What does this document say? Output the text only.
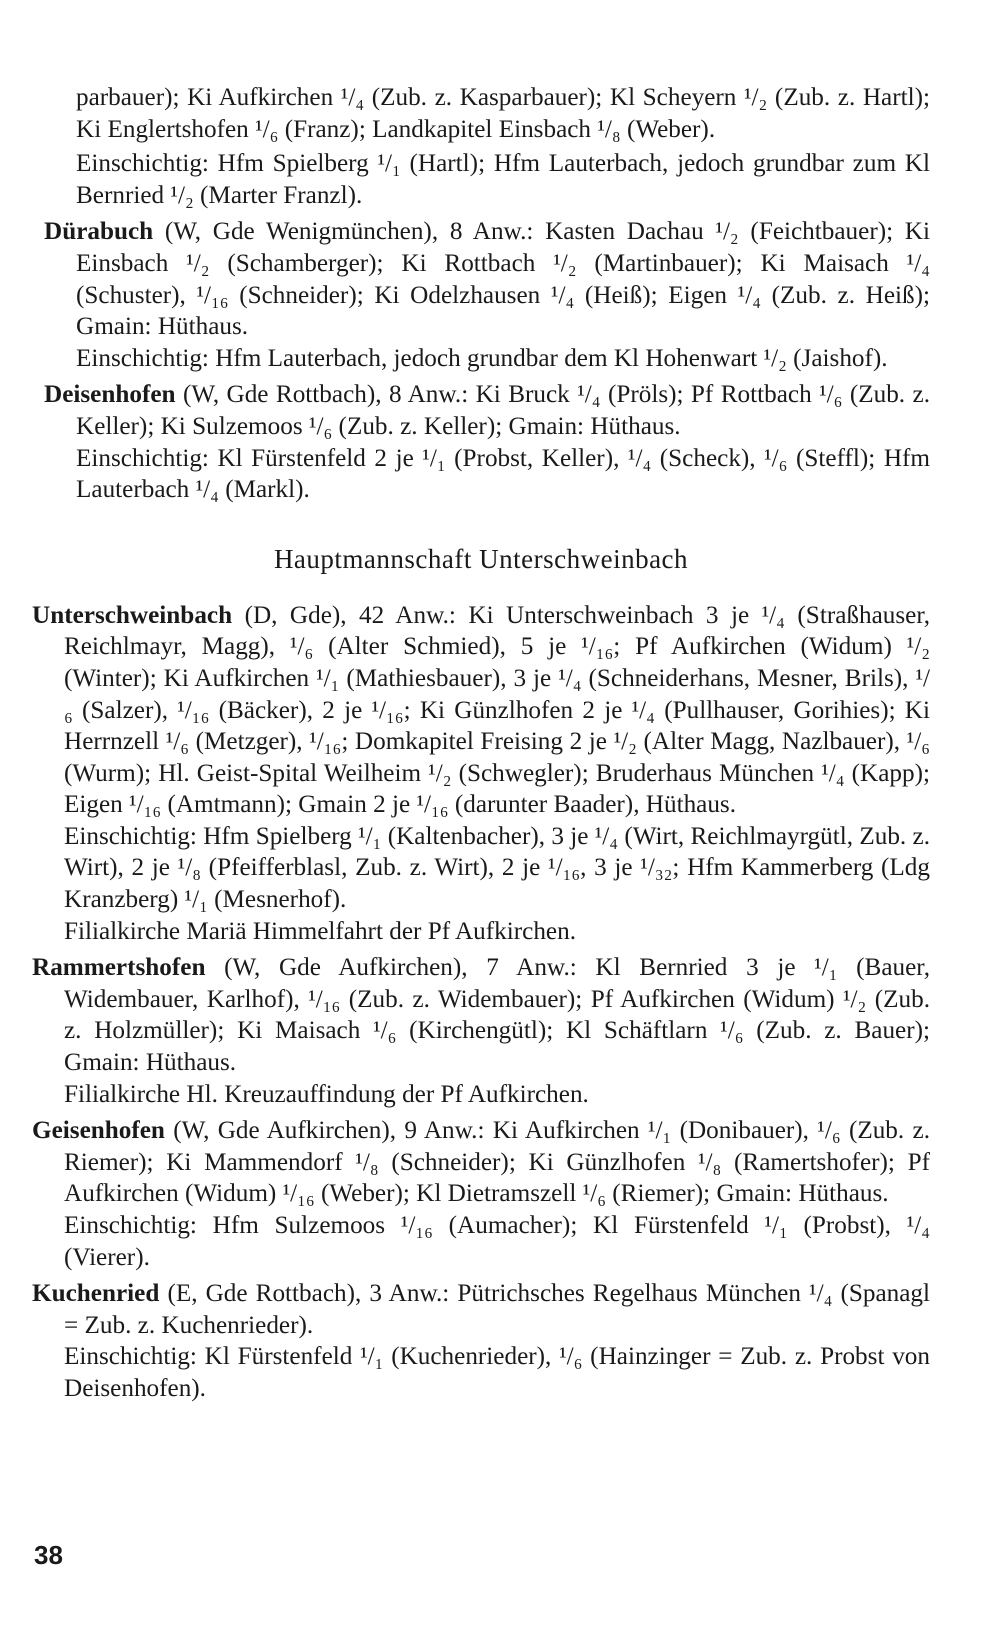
parbauer); Ki Aufkirchen ¹/₄ (Zub. z. Kasparbauer); Kl Scheyern ¹/₂ (Zub. z. Hartl); Ki Englertshofen ¹/₆ (Franz); Landkapitel Einsbach ¹/₈ (Weber).

Einschichtig: Hfm Spielberg ¹/₁ (Hartl); Hfm Lauterbach, jedoch grundbar zum Kl Bernried ¹/₂ (Marter Franzl).

Dürabuch (W, Gde Wenigmünchen), 8 Anw.: Kasten Dachau ¹/₂ (Feichtbauer); Ki Einsbach ¹/₂ (Schamberger); Ki Rottbach ¹/₂ (Martinbauer); Ki Maisach ¹/₄ (Schuster), ¹/₁₆ (Schneider); Ki Odelzhausen ¹/₄ (Heiß); Eigen ¹/₄ (Zub. z. Heiß); Gmain: Hüthaus.

Einschichtig: Hfm Lauterbach, jedoch grundbar dem Kl Hohenwart ¹/₂ (Jaishof).

Deisenhofen (W, Gde Rottbach), 8 Anw.: Ki Bruck ¹/₄ (Pröls); Pf Rottbach ¹/₆ (Zub. z. Keller); Ki Sulzemoos ¹/₆ (Zub. z. Keller); Gmain: Hüthaus.

Einschichtig: Kl Fürstenfeld 2 je ¹/₁ (Probst, Keller), ¹/₄ (Scheck), ¹/₆ (Steffl); Hfm Lauterbach ¹/₄ (Markl).

Hauptmannschaft Unterschweinbach

Unterschweinbach (D, Gde), 42 Anw.: Ki Unterschweinbach 3 je ¹/₄ (Straßhauser, Reichlmayr, Magg), ¹/₆ (Alter Schmied), 5 je ¹/₁₆; Pf Aufkirchen (Widum) ¹/₂ (Winter); Ki Aufkirchen ¹/₁ (Mathiesbauer), 3 je ¹/₄ (Schneiderhans, Mesner, Brils), ¹/₆ (Salzer), ¹/₁₆ (Bäcker), 2 je ¹/₁₆; Ki Günzlhofen 2 je ¹/₄ (Pullhauser, Gorihies); Ki Herrnzell ¹/₆ (Metzger), ¹/₁₆; Domkapitel Freising 2 je ¹/₂ (Alter Magg, Nazlbauer), ¹/₆ (Wurm); Hl. Geist-Spital Weilheim ¹/₂ (Schwegler); Bruderhaus München ¹/₄ (Kapp); Eigen ¹/₁₆ (Amtmann); Gmain 2 je ¹/₁₆ (darunter Baader), Hüthaus.

Einschichtig: Hfm Spielberg ¹/₁ (Kaltenbacher), 3 je ¹/₄ (Wirt, Reichlmayrgütl, Zub. z. Wirt), 2 je ¹/₈ (Pfeifferblasl, Zub. z. Wirt), 2 je ¹/₁₆, 3 je ¹/₃₂; Hfm Kammerberg (Ldg Kranzberg) ¹/₁ (Mesnerhof).

Filialkirche Mariä Himmelfahrt der Pf Aufkirchen.

Rammertshofen (W, Gde Aufkirchen), 7 Anw.: Kl Bernried 3 je ¹/₁ (Bauer, Widembauer, Karlhof), ¹/₁₆ (Zub. z. Widembauer); Pf Aufkirchen (Widum) ¹/₂ (Zub. z. Holzmüller); Ki Maisach ¹/₆ (Kirchengütl); Kl Schäftlarn ¹/₆ (Zub. z. Bauer); Gmain: Hüthaus.

Filialkirche Hl. Kreuzauffindung der Pf Aufkirchen.

Geisenhofen (W, Gde Aufkirchen), 9 Anw.: Ki Aufkirchen ¹/₁ (Donibauer), ¹/₆ (Zub. z. Riemer); Ki Mammendorf ¹/₈ (Schneider); Ki Günzlhofen ¹/₈ (Ramertshofer); Pf Aufkirchen (Widum) ¹/₁₆ (Weber); Kl Dietramszell ¹/₆ (Riemer); Gmain: Hüthaus.

Einschichtig: Hfm Sulzemoos ¹/₁₆ (Aumacher); Kl Fürstenfeld ¹/₁ (Probst), ¹/₄ (Vierer).

Kuchenried (E, Gde Rottbach), 3 Anw.: Pütrichsches Regelhaus München ¹/₄ (Spanagl = Zub. z. Kuchenrieder).

Einschichtig: Kl Fürstenfeld ¹/₁ (Kuchenrieder), ¹/₆ (Hainzinger = Zub. z. Probst von Deisenhofen).

38
